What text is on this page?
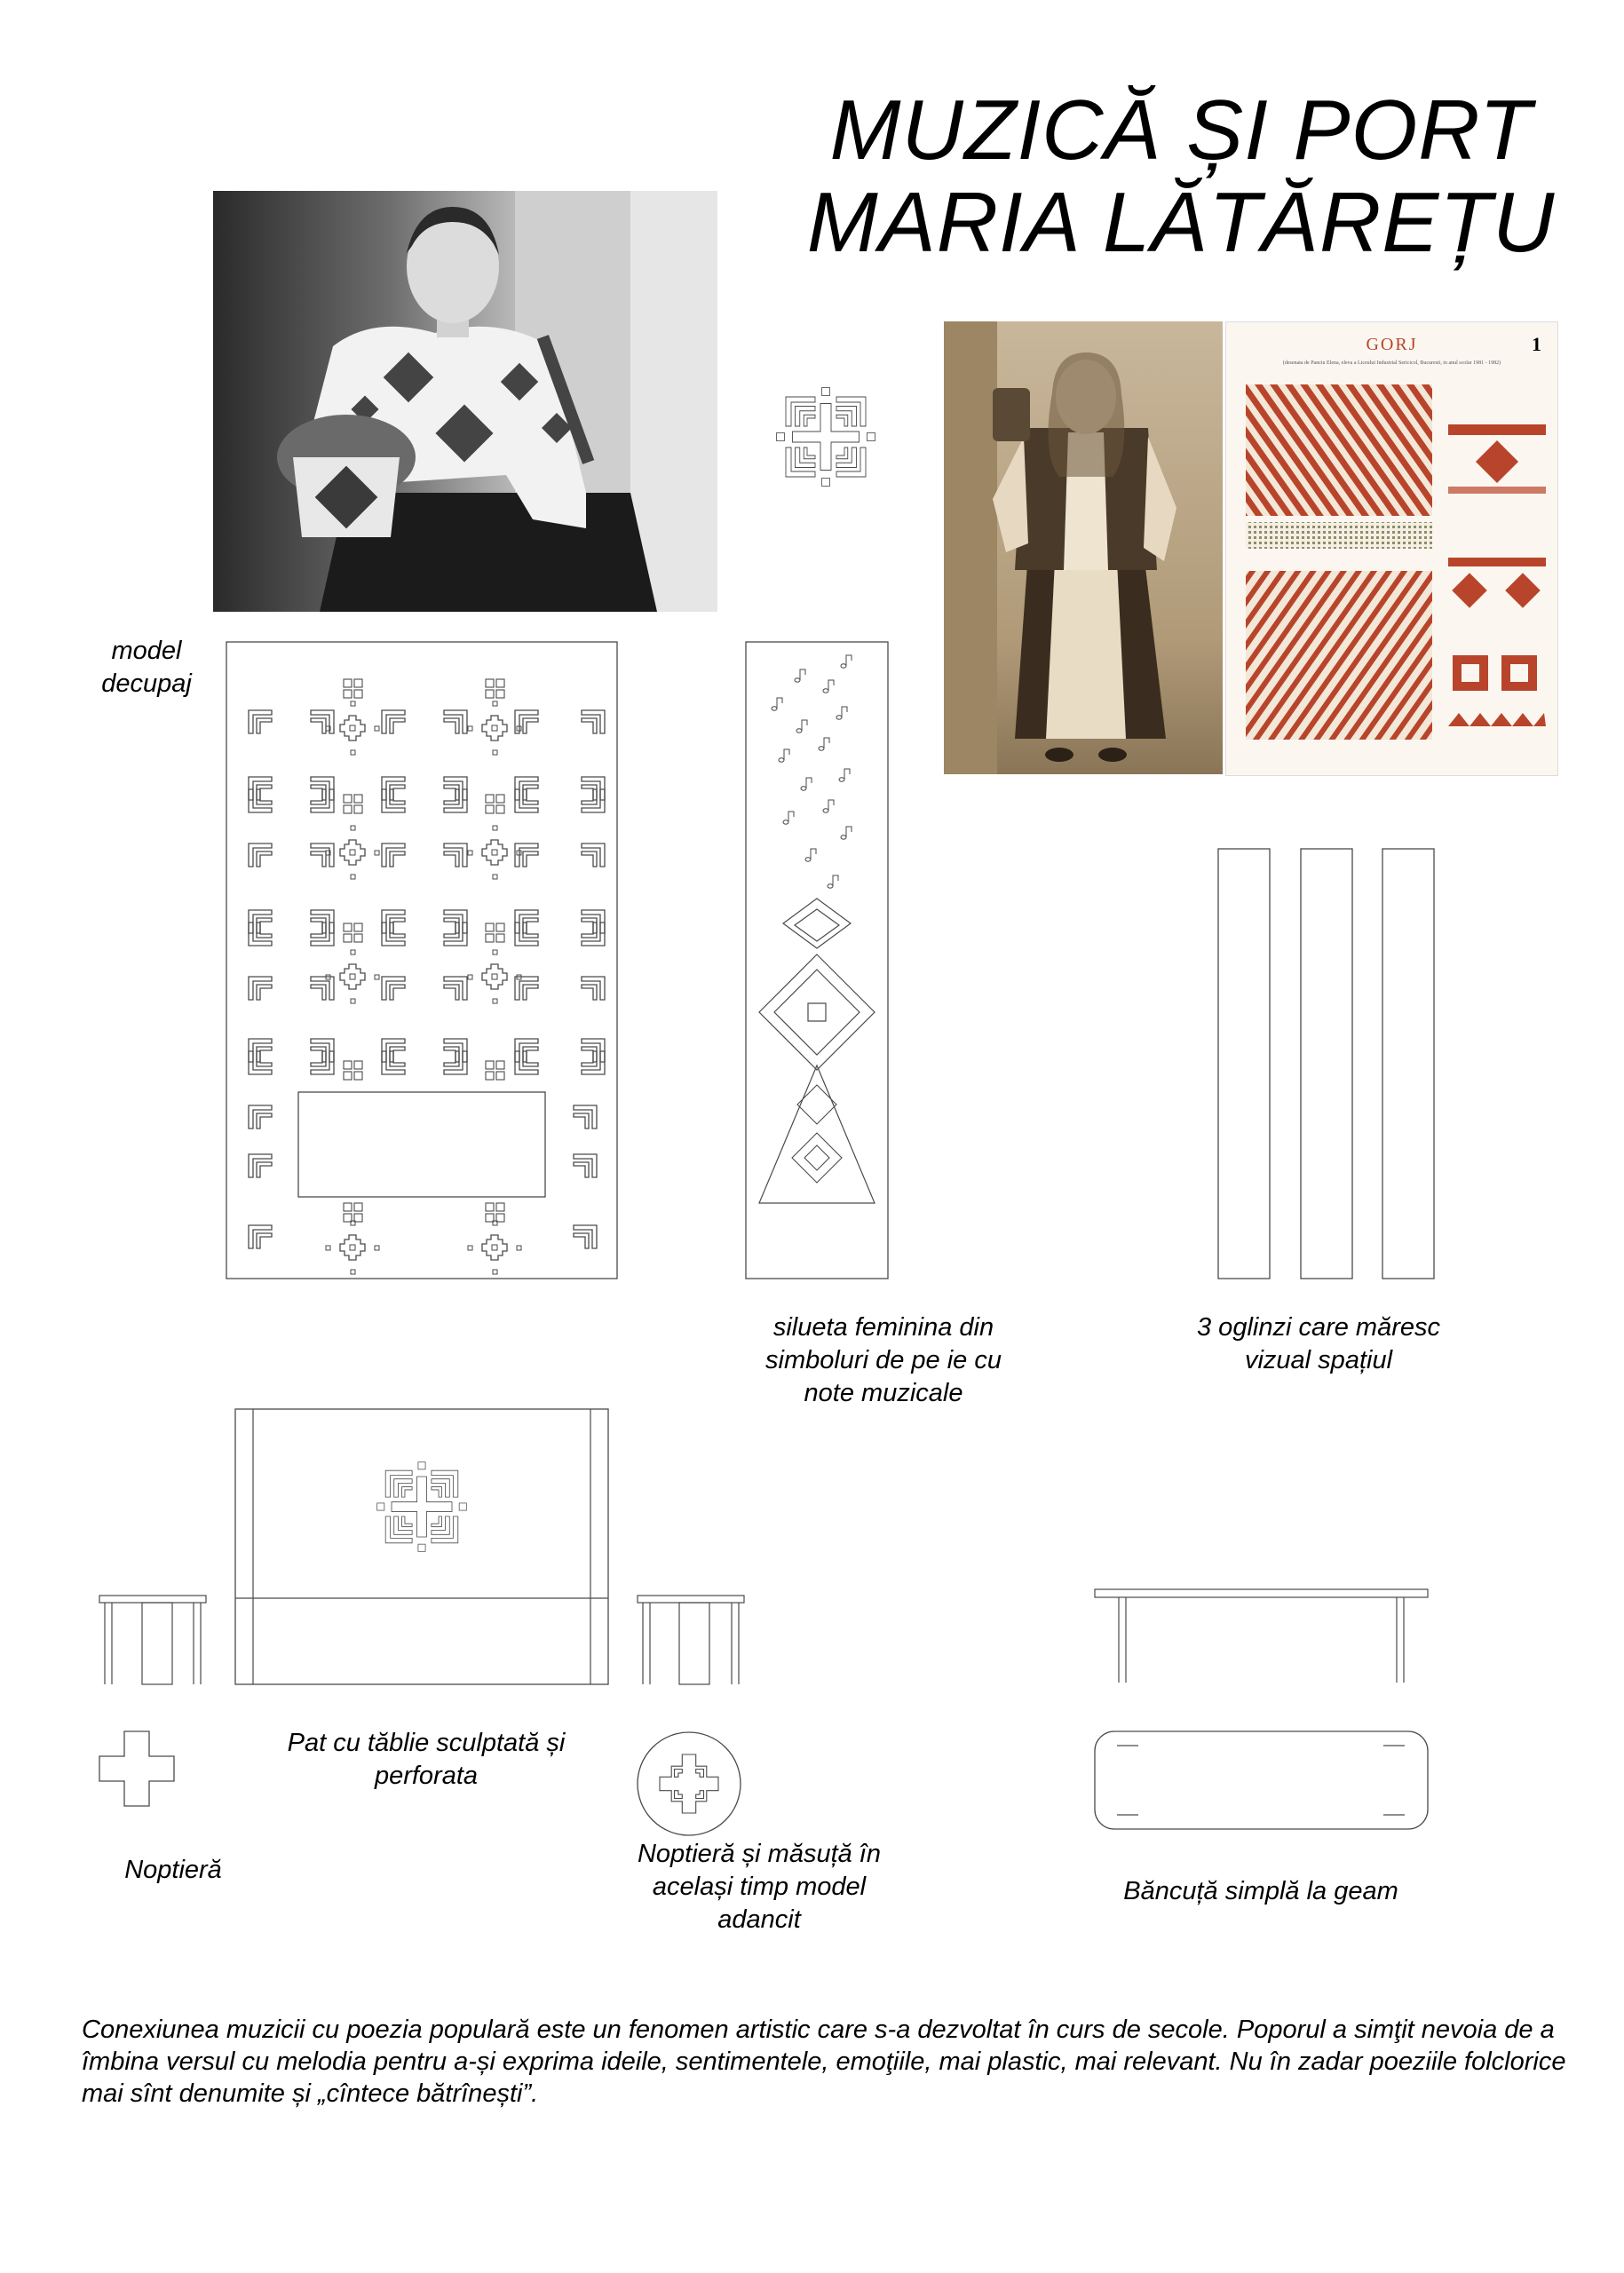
MUZICĂ ȘI PORT
MARIA LĂTĂREȚU
GORJ	1
(desenata de Panciu Elena, eleva a Liceului Industrial Sericicol, Bucuresti, in anul scolar 1981 - 1982)
model decupaj
silueta feminina din simboluri de pe ie cu note muzicale
3 oglinzi care măresc vizual spațiul
Pat cu tăblie sculptată și perforata
Noptieră
Noptieră și măsuță în același timp model adancit
Băncuță simplă la geam
Conexiunea muzicii cu poezia populară este un fenomen artistic care s-a dezvoltat în curs de secole. Poporul a simţit nevoia de a îmbina versul cu melodia pentru a-și exprima ideile, sentimentele, emoţiile, mai plastic, mai relevant. Nu în zadar poeziile folclorice mai sînt denumite și „cîntece bătrînești”.
